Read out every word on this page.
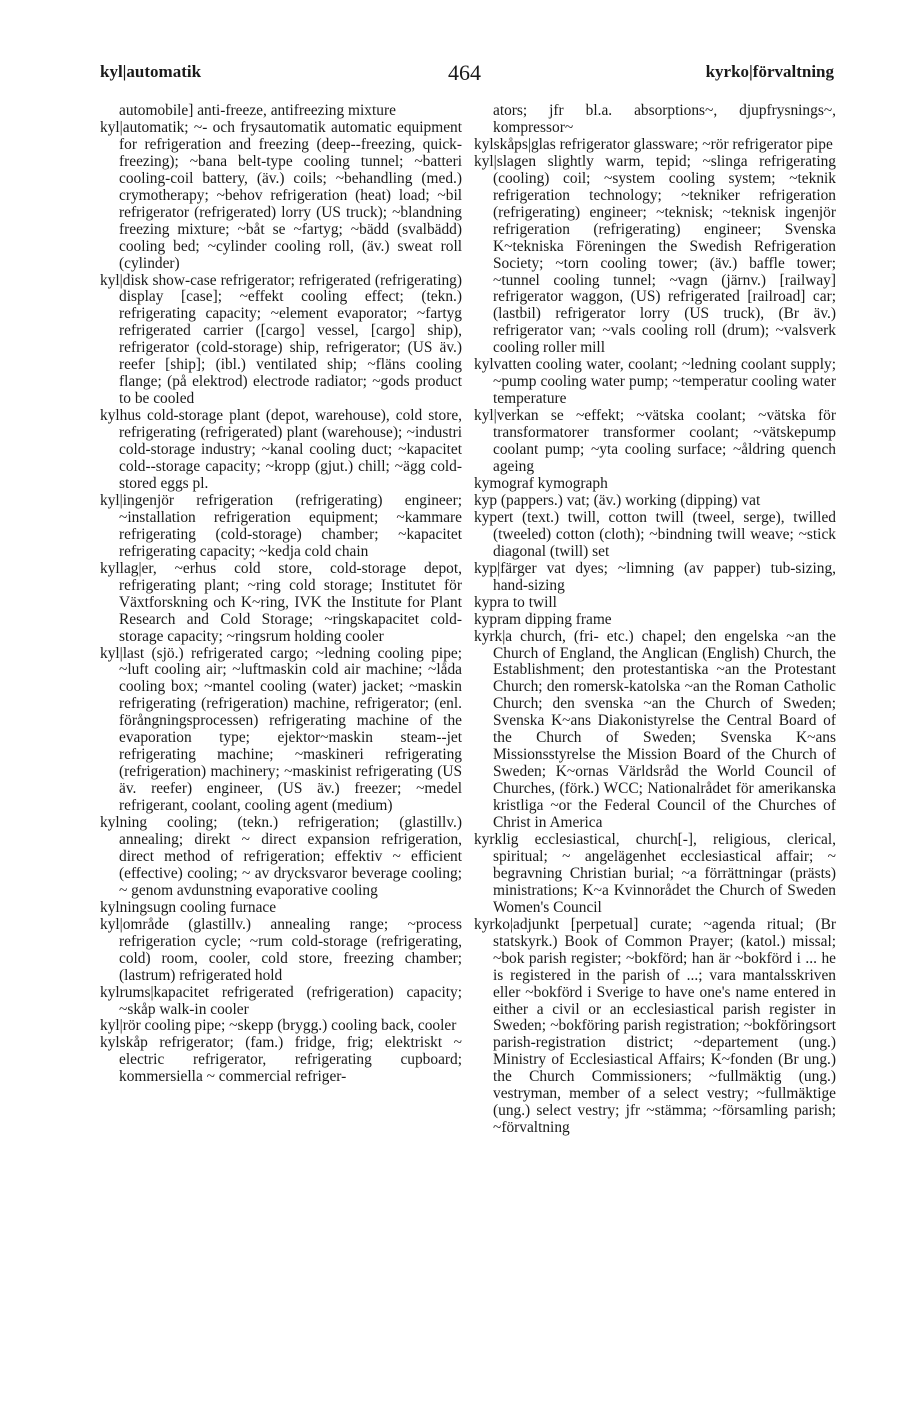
kyl|automatik	464	kyrko|förvaltning

automobile] anti-freeze, antifreezing mixture

kyl|automatik; ~- och frysautomatik automatic equipment for refrigeration and freezing (deep--freezing, quick-freezing); ~bana belt-type cooling tunnel; ~batteri cooling-coil battery, (äv.) coils; ~behandling (med.) crymotherapy; ~behov refrigeration (heat) load; ~bil refrigerator (refrigerated) lorry (US truck); ~blandning freezing mixture; ~båt se ~fartyg; ~bädd (svalbädd) cooling bed; ~cylinder cooling roll, (äv.) sweat roll (cylinder)

kyl|disk show-case refrigerator; refrigerated (refrigerating) display [case]; ~effekt cooling effect; (tekn.) refrigerating capacity; ~element evaporator; ~fartyg refrigerated carrier ([cargo] vessel, [cargo] ship), refrigerator (cold-storage) ship, refrigerator; (US äv.) reefer [ship]; (ibl.) ventilated ship; ~fläns cooling flange; (på elektrod) electrode radiator; ~gods product to be cooled

kylhus cold-storage plant (depot, warehouse), cold store, refrigerating (refrigerated) plant (warehouse); ~industri cold-storage industry; ~kanal cooling duct; ~kapacitet cold--storage capacity; ~kropp (gjut.) chill; ~ägg cold-stored eggs pl.

kyl|ingenjör refrigeration (refrigerating) engineer; ~installation refrigeration equipment; ~kammare refrigerating (cold-storage) chamber; ~kapacitet refrigerating capacity; ~kedja cold chain

kyllag|er, ~erhus cold store, cold-storage depot, refrigerating plant; ~ring cold storage; Institutet för Växtforskning och K~ring, IVK the Institute for Plant Research and Cold Storage; ~ringskapacitet cold-storage capacity; ~ringsrum holding cooler

kyl|last (sjö.) refrigerated cargo; ~ledning cooling pipe; ~luft cooling air; ~luftmaskin cold air machine; ~låda cooling box; ~mantel cooling (water) jacket; ~maskin refrigerating (refrigeration) machine, refrigerator; (enl. förångningsprocessen) refrigerating machine of the evaporation type; ejektor~maskin steam--jet refrigerating machine; ~maskineri refrigerating (refrigeration) machinery; ~maskinist refrigerating (US äv. reefer) engineer, (US äv.) freezer; ~medel refrigerant, coolant, cooling agent (medium)

kylning cooling; (tekn.) refrigeration; (glastillv.) annealing; direkt ~ direct expansion refrigeration, direct method of refrigeration; effektiv ~ efficient (effective) cooling; ~ av drycksvaror beverage cooling; ~ genom avdunstning evaporative cooling

kylningsugn cooling furnace

kyl|område (glastillv.) annealing range; ~process refrigeration cycle; ~rum cold-storage (refrigerating, cold) room, cooler, cold store, freezing chamber; (lastrum) refrigerated hold

kylrums|kapacitet refrigerated (refrigeration) capacity; ~skåp walk-in cooler

kyl|rör cooling pipe; ~skepp (brygg.) cooling back, cooler

kylskåp refrigerator; (fam.) fridge, frig; elektriskt ~ electric refrigerator, refrigerating cupboard; kommersiella ~ commercial refriger-

ators; jfr bl.a. absorptions~, djupfrysnings~, kompressor~

kylskåps|glas refrigerator glassware; ~rör refrigerator pipe

kyl|slagen slightly warm, tepid; ~slinga refrigerating (cooling) coil; ~system cooling system; ~teknik refrigeration technology; ~tekniker refrigeration (refrigerating) engineer; ~teknisk; ~teknisk ingenjör refrigeration (refrigerating) engineer; Svenska K~tekniska Föreningen the Swedish Refrigeration Society; ~torn cooling tower; (äv.) baffle tower; ~tunnel cooling tunnel; ~vagn (järnv.) [railway] refrigerator waggon, (US) refrigerated [railroad] car; (lastbil) refrigerator lorry (US truck), (Br äv.) refrigerator van; ~vals cooling roll (drum); ~valsverk cooling roller mill

kylvatten cooling water, coolant; ~ledning coolant supply; ~pump cooling water pump; ~temperatur cooling water temperature

kyl|verkan se ~effekt; ~vätska coolant; ~vätska för transformatorer transformer coolant; ~vätskepump coolant pump; ~yta cooling surface; ~åldring quench ageing

kymograf kymograph

kyp (pappers.) vat; (äv.) working (dipping) vat

kypert (text.) twill, cotton twill (tweel, serge), twilled (tweeled) cotton (cloth); ~bindning twill weave; ~stick diagonal (twill) set

kyp|färger vat dyes; ~limning (av papper) tub-sizing, hand-sizing

kypra to twill

kypram dipping frame

kyrk|a church, (fri- etc.) chapel; den engelska ~an the Church of England, the Anglican (English) Church, the Establishment; den protestantiska ~an the Protestant Church; den romersk-katolska ~an the Roman Catholic Church; den svenska ~an the Church of Sweden; Svenska K~ans Diakonistyrelse the Central Board of the Church of Sweden; Svenska K~ans Missionsstyrelse the Mission Board of the Church of Sweden; K~ornas Världsråd the World Council of Churches, (förk.) WCC; Nationalrådet för amerikanska kristliga ~or the Federal Council of the Churches of Christ in America

kyrklig ecclesiastical, church[-], religious, clerical, spiritual; ~ angelägenhet ecclesiastical affair; ~ begravning Christian burial; ~a förrättningar (prästs) ministrations; K~a Kvinnorådet the Church of Sweden Women's Council

kyrko|adjunkt [perpetual] curate; ~agenda ritual; (Br statskyrk.) Book of Common Prayer; (katol.) missal; ~bok parish register; ~bokförd; han är ~bokförd i ... he is registered in the parish of ...; vara mantalsskriven eller ~bokförd i Sverige to have one's name entered in either a civil or an ecclesiastical parish register in Sweden; ~bokföring parish registration; ~bokföringsort parish-registration district; ~departement (ung.) Ministry of Ecclesiastical Affairs; K~fonden (Br ung.) the Church Commissioners; ~fullmäktig (ung.) vestryman, member of a select vestry; ~fullmäktige (ung.) select vestry; jfr ~stämma; ~församling parish; ~förvaltning
